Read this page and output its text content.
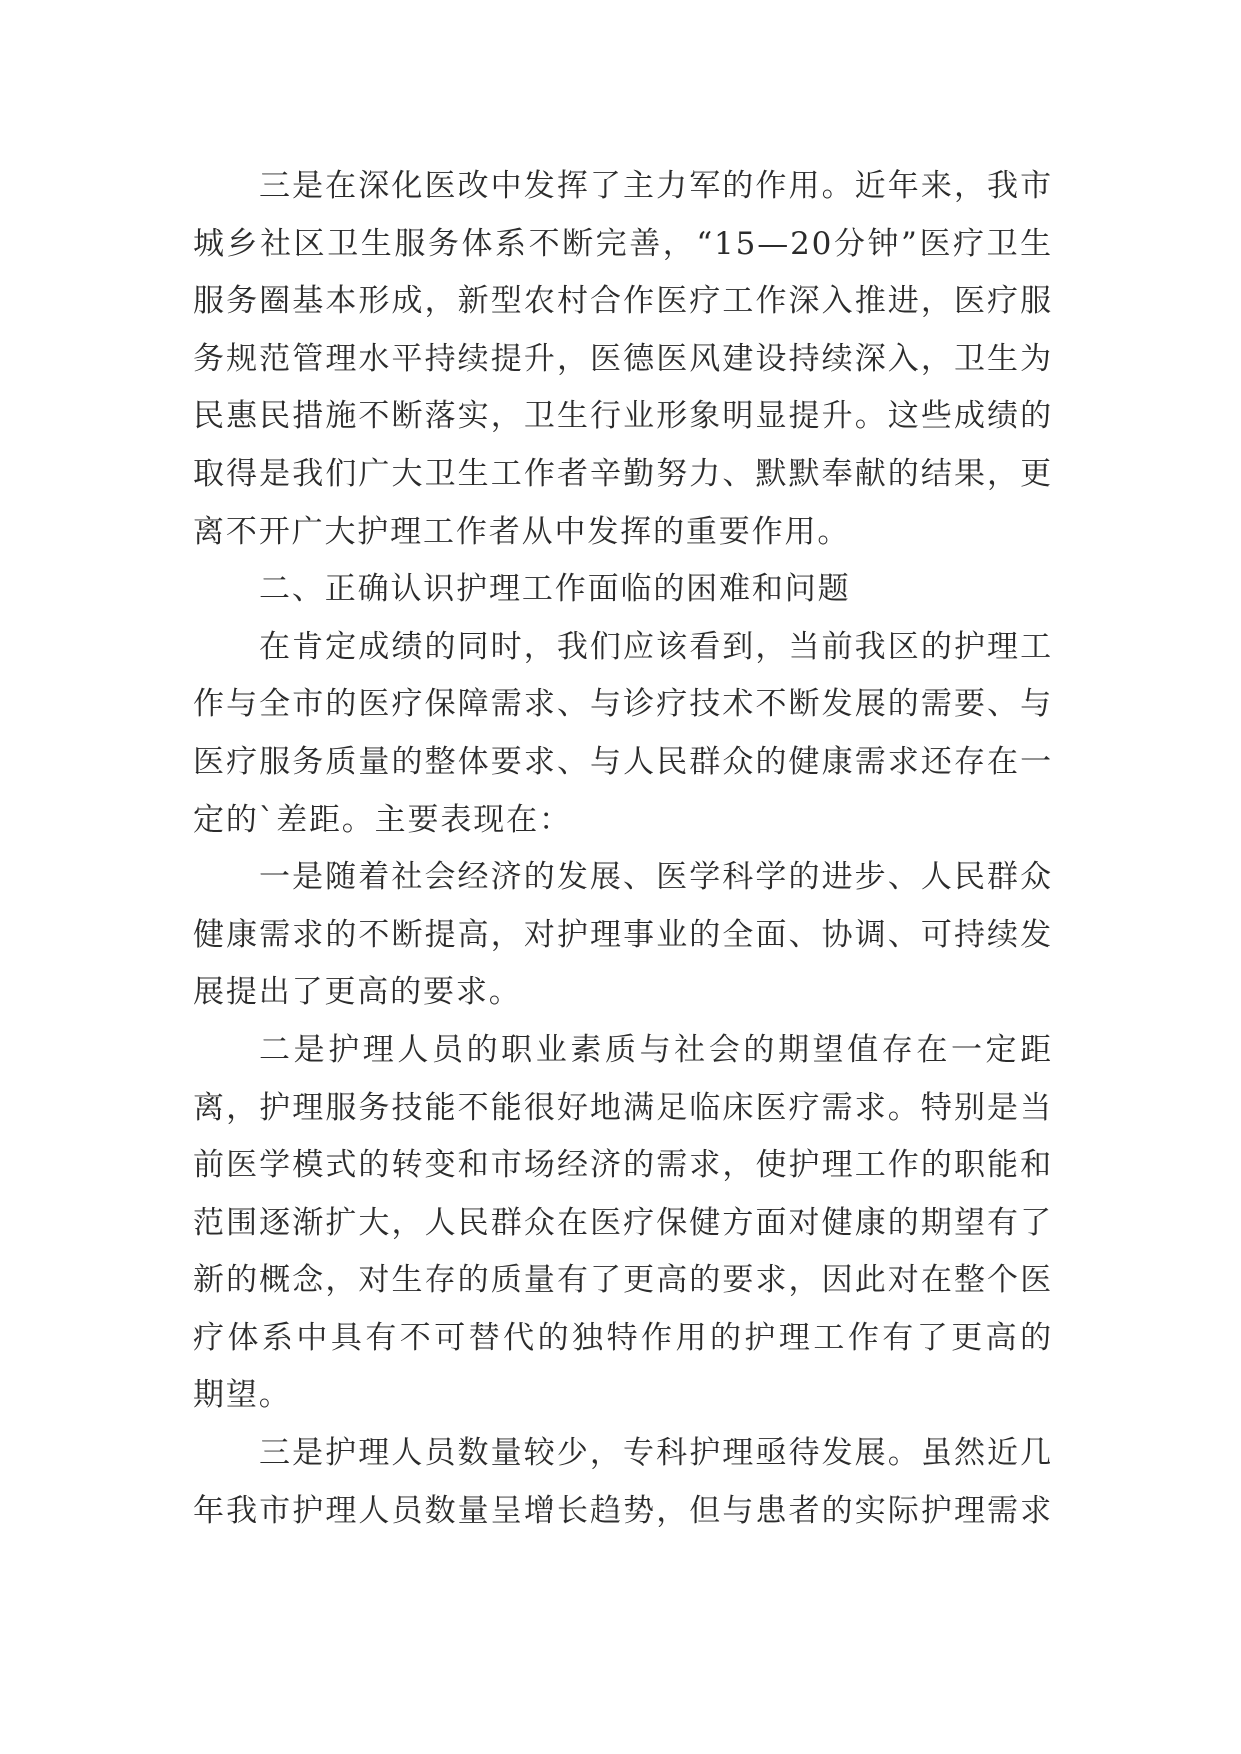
三是在深化医改中发挥了主力军的作用。近年来，我市
城乡社区卫生服务体系不断完善，“15—20分钟”医疗卫生
服务圈基本形成，新型农村合作医疗工作深入推进，医疗服
务规范管理水平持续提升，医德医风建设持续深入，卫生为
民惠民措施不断落实，卫生行业形象明显提升。这些成绩的
取得是我们广大卫生工作者辛勤努力、默默奉献的结果，更
离不开广大护理工作者从中发挥的重要作用。
二、正确认识护理工作面临的困难和问题
在肯定成绩的同时，我们应该看到，当前我区的护理工
作与全市的医疗保障需求、与诊疗技术不断发展的需要、与
医疗服务质量的整体要求、与人民群众的健康需求还存在一
定的`差距。主要表现在：
一是随着社会经济的发展、医学科学的进步、人民群众
健康需求的不断提高，对护理事业的全面、协调、可持续发
展提出了更高的要求。
二是护理人员的职业素质与社会的期望值存在一定距
离，护理服务技能不能很好地满足临床医疗需求。特别是当
前医学模式的转变和市场经济的需求，使护理工作的职能和
范围逐渐扩大，人民群众在医疗保健方面对健康的期望有了
新的概念，对生存的质量有了更高的要求，因此对在整个医
疗体系中具有不可替代的独特作用的护理工作有了更高的
期望。
三是护理人员数量较少，专科护理亟待发展。虽然近几
年我市护理人员数量呈增长趋势，但与患者的实际护理需求
